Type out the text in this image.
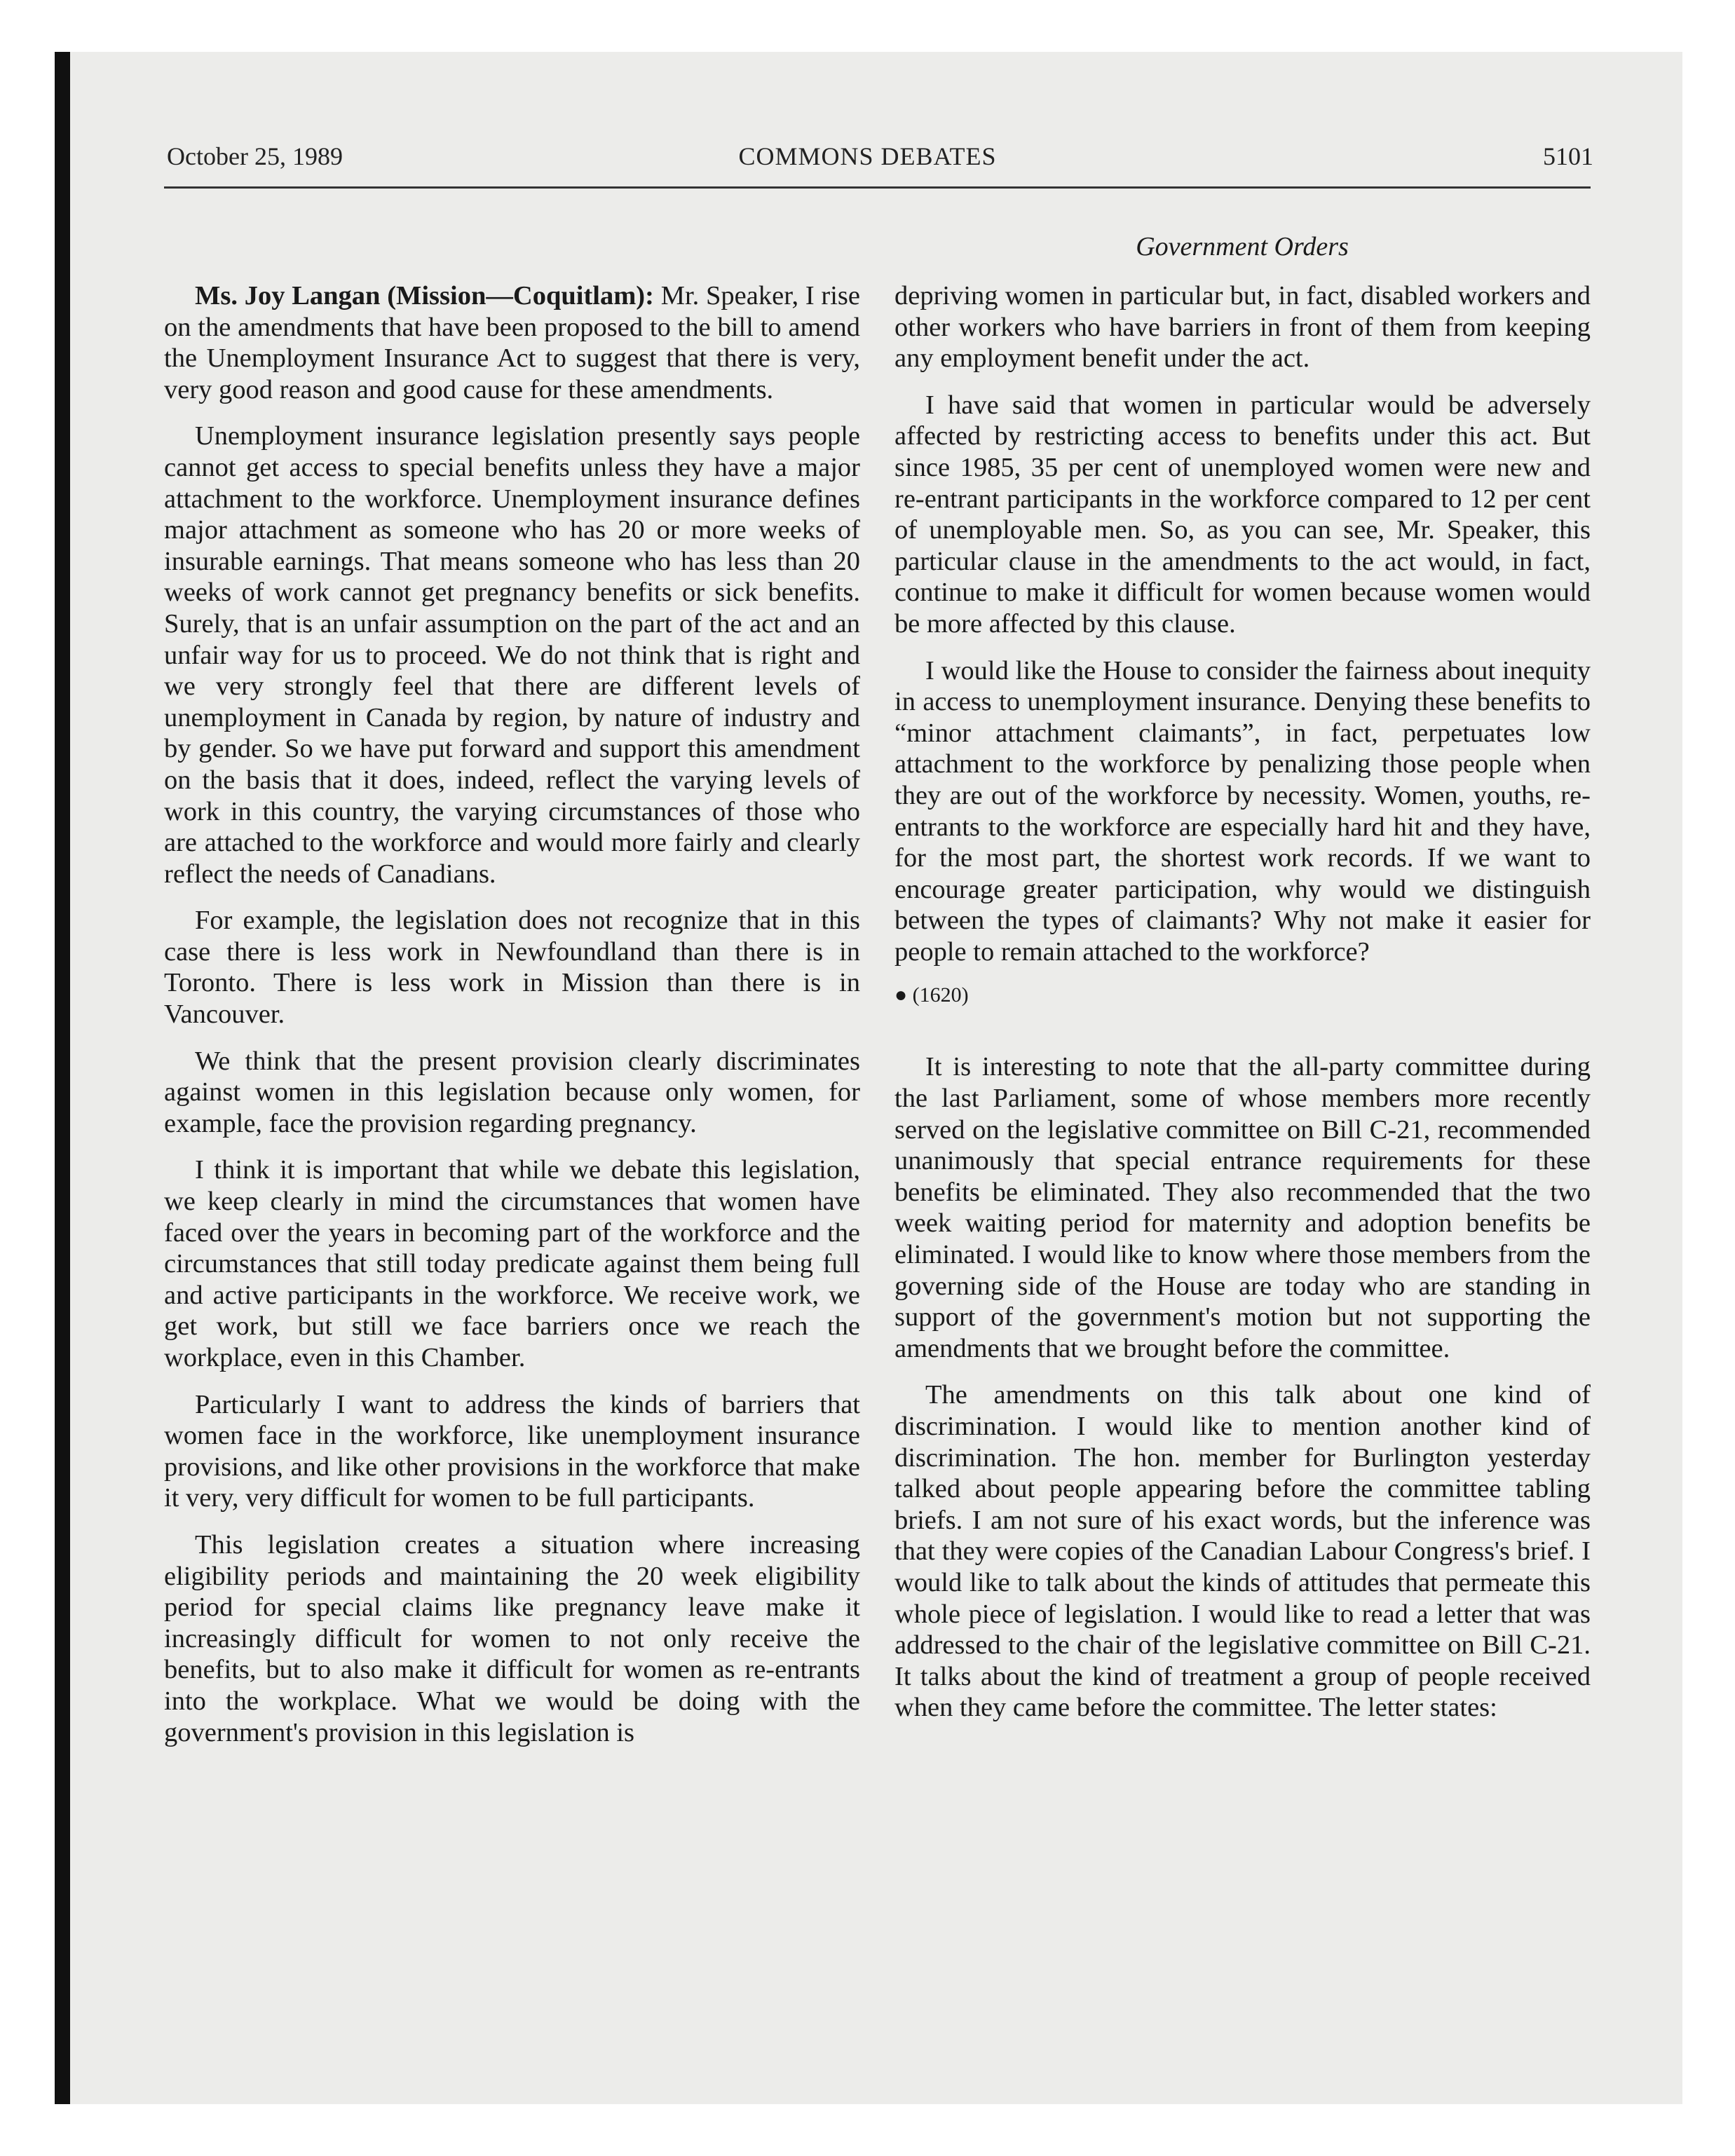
October 25, 1989	COMMONS DEBATES	5101
Government Orders

Ms. Joy Langan (Mission—Coquitlam): Mr. Speaker, I rise on the amendments that have been proposed to the bill to amend the Unemployment Insurance Act to suggest that there is very, very good reason and good cause for these amendments.

Unemployment insurance legislation presently says people cannot get access to special benefits unless they have a major attachment to the workforce. Unemployment insurance defines major attachment as someone who has 20 or more weeks of insurable earnings. That means someone who has less than 20 weeks of work cannot get pregnancy benefits or sick benefits. Surely, that is an unfair assumption on the part of the act and an unfair way for us to proceed. We do not think that is right and we very strongly feel that there are different levels of unemployment in Canada by region, by nature of industry and by gender. So we have put forward and support this amendment on the basis that it does, indeed, reflect the varying levels of work in this country, the varying circumstances of those who are attached to the workforce and would more fairly and clearly reflect the needs of Canadians.

For example, the legislation does not recognize that in this case there is less work in Newfoundland than there is in Toronto. There is less work in Mission than there is in Vancouver.

We think that the present provision clearly discriminates against women in this legislation because only women, for example, face the provision regarding pregnancy.

I think it is important that while we debate this legislation, we keep clearly in mind the circumstances that women have faced over the years in becoming part of the workforce and the circumstances that still today predicate against them being full and active participants in the workforce. We receive work, we get work, but still we face barriers once we reach the workplace, even in this Chamber.

Particularly I want to address the kinds of barriers that women face in the workforce, like unemployment insurance provisions, and like other provisions in the workforce that make it very, very difficult for women to be full participants.

This legislation creates a situation where increasing eligibility periods and maintaining the 20 week eligibility period for special claims like pregnancy leave make it increasingly difficult for women to not only receive the benefits, but to also make it difficult for women as re-entrants into the workplace. What we would be doing with the government's provision in this legislation is

depriving women in particular but, in fact, disabled workers and other workers who have barriers in front of them from keeping any employment benefit under the act.

I have said that women in particular would be adversely affected by restricting access to benefits under this act. But since 1985, 35 per cent of unemployed women were new and re-entrant participants in the workforce compared to 12 per cent of unemployable men. So, as you can see, Mr. Speaker, this particular clause in the amendments to the act would, in fact, continue to make it difficult for women because women would be more affected by this clause.

I would like the House to consider the fairness about inequity in access to unemployment insurance. Denying these benefits to “minor attachment claimants”, in fact, perpetuates low attachment to the workforce by penalizing those people when they are out of the workforce by necessity. Women, youths, re-entrants to the workforce are especially hard hit and they have, for the most part, the shortest work records. If we want to encourage greater participation, why would we distinguish between the types of claimants? Why not make it easier for people to remain attached to the workforce?

● (1620)

It is interesting to note that the all-party committee during the last Parliament, some of whose members more recently served on the legislative committee on Bill C-21, recommended unanimously that special entrance requirements for these benefits be eliminated. They also recommended that the two week waiting period for maternity and adoption benefits be eliminated. I would like to know where those members from the governing side of the House are today who are standing in support of the government's motion but not supporting the amendments that we brought before the committee.

The amendments on this talk about one kind of discrimination. I would like to mention another kind of discrimination. The hon. member for Burlington yesterday talked about people appearing before the committee tabling briefs. I am not sure of his exact words, but the inference was that they were copies of the Canadian Labour Congress's brief. I would like to talk about the kinds of attitudes that permeate this whole piece of legislation. I would like to read a letter that was addressed to the chair of the legislative committee on Bill C-21. It talks about the kind of treatment a group of people received when they came before the committee. The letter states:
